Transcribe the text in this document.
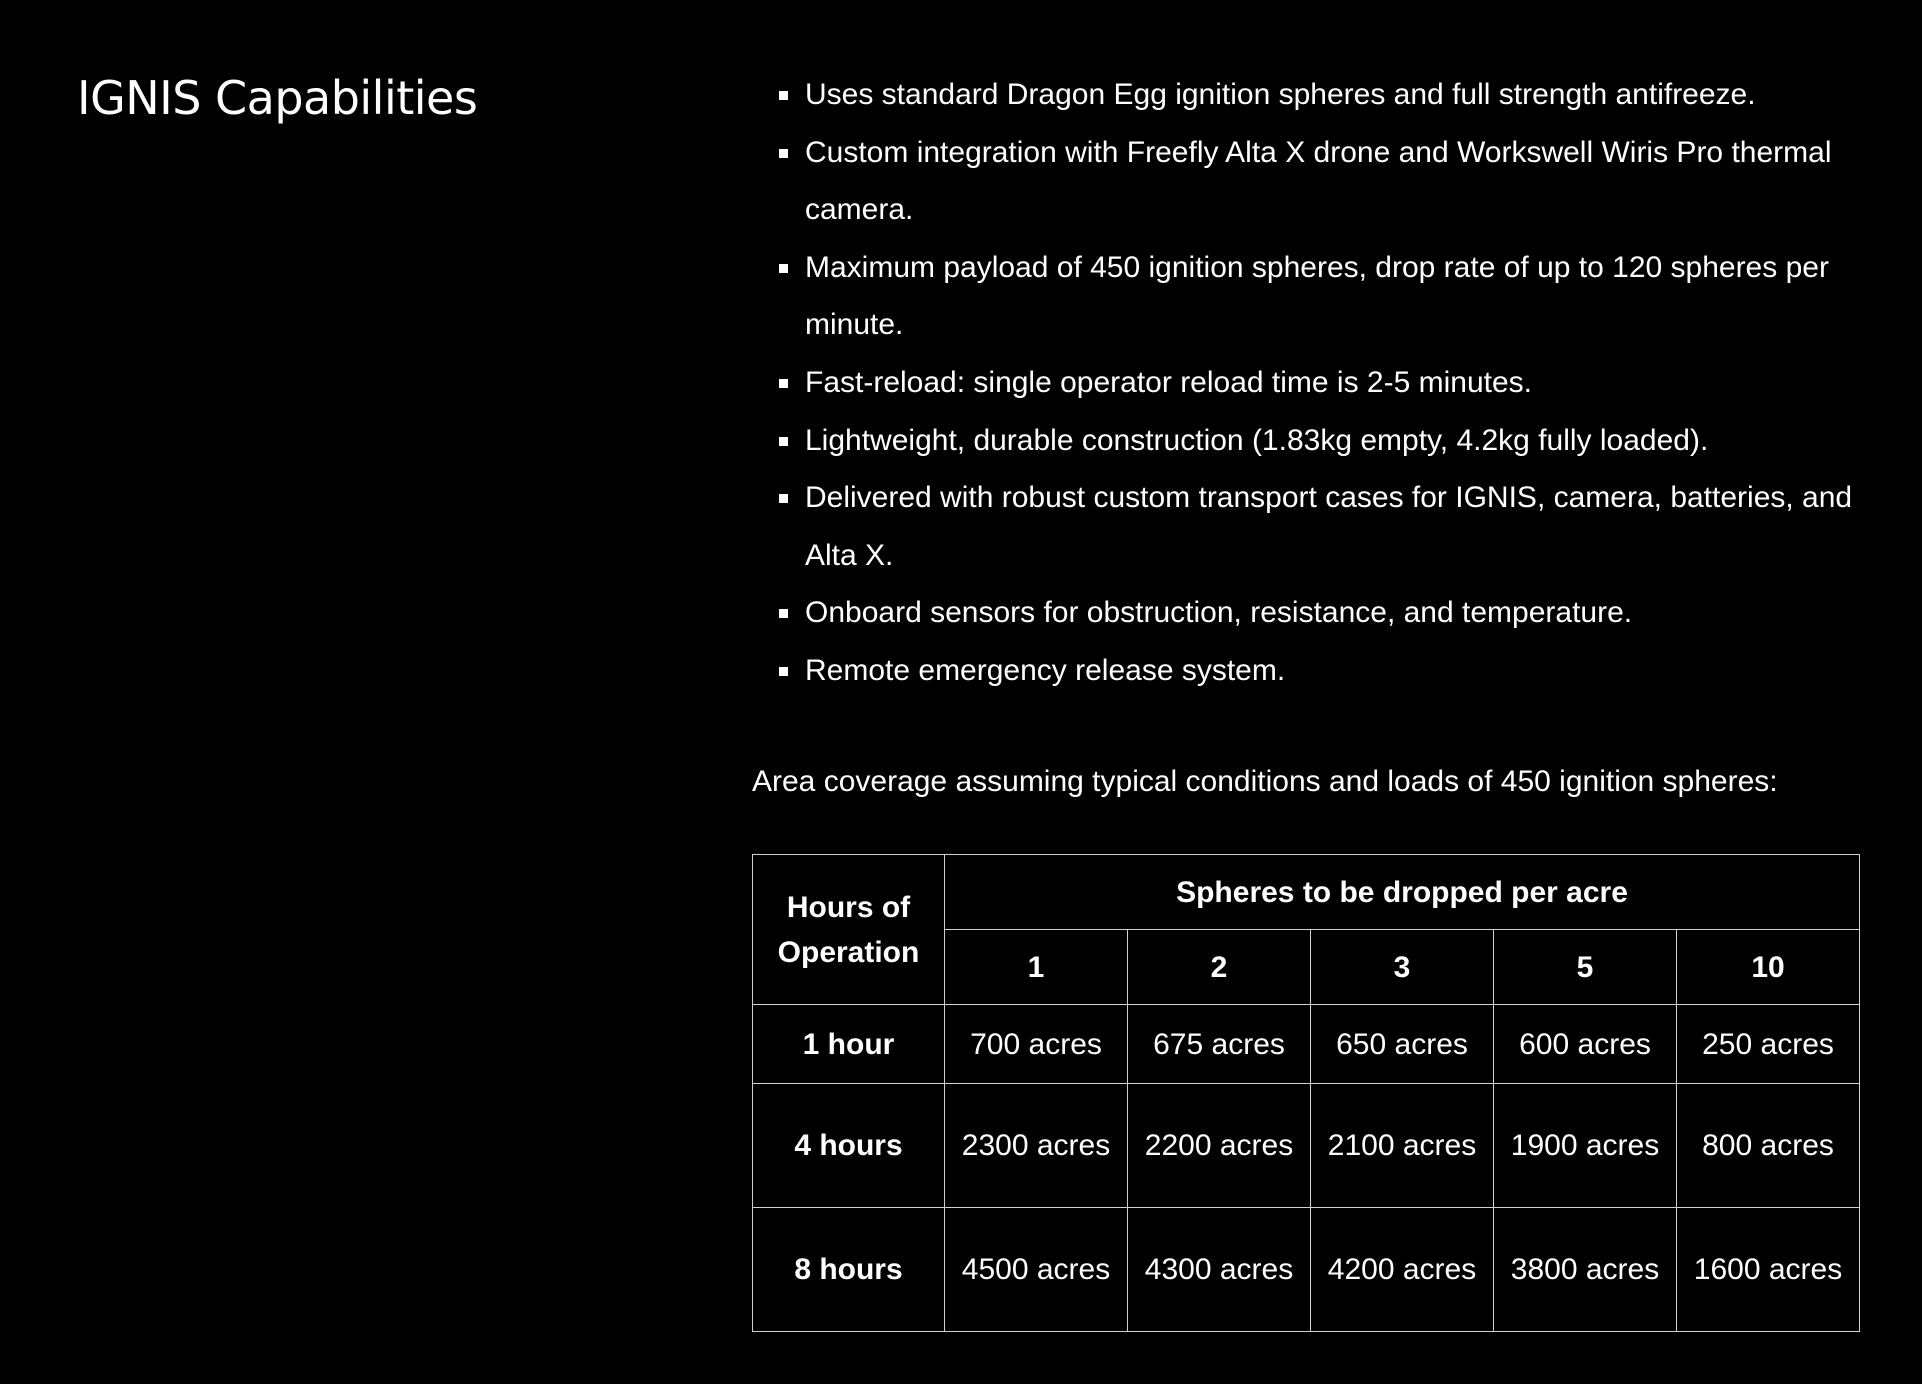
IGNIS Capabilities	Uses standard Dragon Egg ignition spheres and full strength antifreeze.
Custom integration with Freefly Alta X drone and Workswell Wiris Pro thermal camera.
Maximum payload of 450 ignition spheres, drop rate of up to 120 spheres per minute.
Fast-reload: single operator reload time is 2-5 minutes.
Lightweight, durable construction (1.83kg empty, 4.2kg fully loaded).
Delivered with robust custom transport cases for IGNIS, camera, batteries, and Alta X.
Onboard sensors for obstruction, resistance, and temperature.
Remote emergency release system.

Area coverage assuming typical conditions and loads of 450 ignition spheres:

Hours of Operation	Spheres to be dropped per acre				
	1	2	3	5	10
1 hour	700 acres	675 acres	650 acres	600 acres	250 acres
4 hours	2300 acres	2200 acres	2100 acres	1900 acres	800 acres
8 hours	4500 acres	4300 acres	4200 acres	3800 acres	1600 acres
